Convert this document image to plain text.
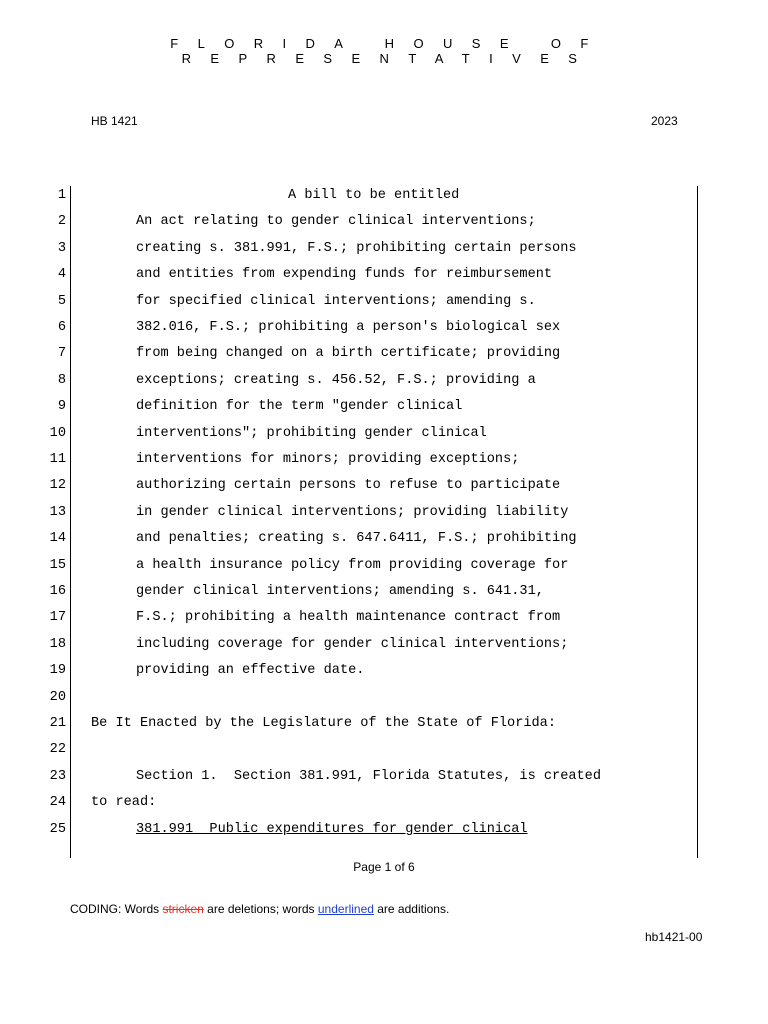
FLORIDA HOUSE OF REPRESENTATIVES
HB 1421	2023
1	A bill to be entitled
2	An act relating to gender clinical interventions;
3	creating s. 381.991, F.S.; prohibiting certain persons
4	and entities from expending funds for reimbursement
5	for specified clinical interventions; amending s.
6	382.016, F.S.; prohibiting a person's biological sex
7	from being changed on a birth certificate; providing
8	exceptions; creating s. 456.52, F.S.; providing a
9	definition for the term "gender clinical
10	interventions"; prohibiting gender clinical
11	interventions for minors; providing exceptions;
12	authorizing certain persons to refuse to participate
13	in gender clinical interventions; providing liability
14	and penalties; creating s. 647.6411, F.S.; prohibiting
15	a health insurance policy from providing coverage for
16	gender clinical interventions; amending s. 641.31,
17	F.S.; prohibiting a health maintenance contract from
18	including coverage for gender clinical interventions;
19	providing an effective date.
20
21 Be It Enacted by the Legislature of the State of Florida:
22
23	Section 1.  Section 381.991, Florida Statutes, is created
24 to read:
25	381.991  Public expenditures for gender clinical
Page 1 of 6
CODING: Words stricken are deletions; words underlined are additions.
hb1421-00
